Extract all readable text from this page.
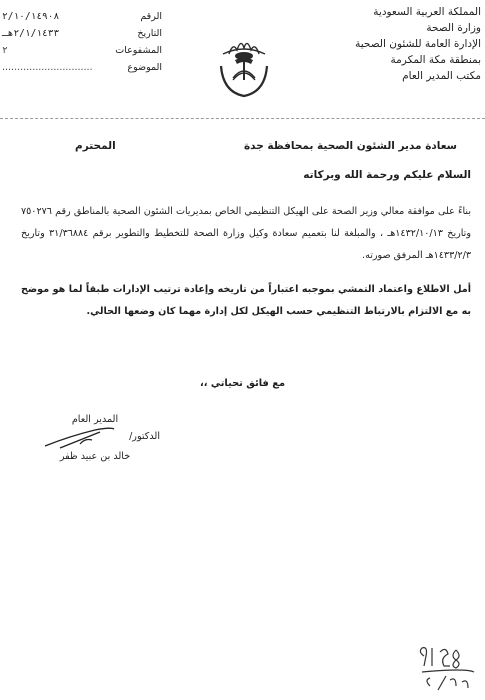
المملكة العربية السعودية
وزارة الصحة
الإدارة العامة للشئون الصحية
بمنطقة مكة المكرمة
مكتب المدير العام
الرقم
٢/١٠/١٤٩٠٨
التاريخ
٢/١/١٤٣٣هـ
المشفوعات
٢
الموضوع
..............................
سعادة مدير الشئون الصحية بمحافظة جدة
المحترم
السلام عليكم ورحمة الله وبركاته
بناءً على موافقة معالي وزير الصحة على الهيكل التنظيمي الخاص بمديريات الشئون الصحية بالمناطق رقم ٧٥٠٢٧٦ وتاريخ ١٤٣٢/١٠/١٣هـ ، والمبلغة لنا بتعميم سعادة وكيل وزارة الصحة للتخطيط والتطوير برقم ٣١/٣٦٨٨٤ وتاريخ ١٤٣٣/٢/٣هـ المرفق صورته.
أمل الاطلاع واعتماد التمشي بموجبه اعتباراً من تاريخه وإعادة ترتيب الإدارات طبقاً لما هو موضح به مع الالتزام بالارتباط التنظيمي حسب الهيكل لكل إدارة مهما كان وضعها الحالي.
مع فائق تحياتي ،،
المدير العام
الدكتور/
خالد بن عبيد ظفر
